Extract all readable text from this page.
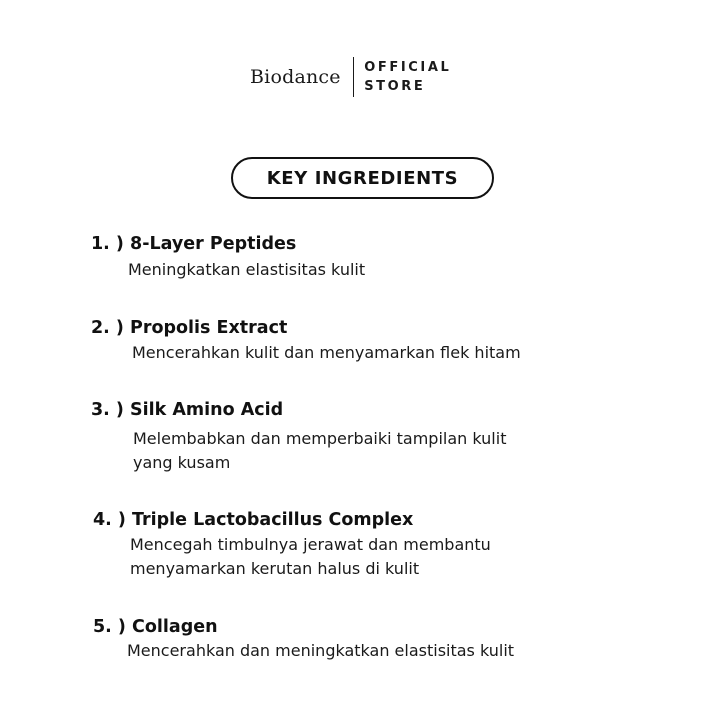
Biodance OFFICIAL
STORE
KEY INGREDIENTS
1. ) 8-Layer Peptides
Meningkatkan elastisitas kulit
2. ) Propolis Extract
Mencerahkan kulit dan menyamarkan flek hitam
3. ) Silk Amino Acid
Melembabkan dan memperbaiki tampilan kulit
yang kusam
4. ) Triple Lactobacillus Complex
Mencegah timbulnya jerawat dan membantu
menyamarkan kerutan halus di kulit
5. ) Collagen
Mencerahkan dan meningkatkan elastisitas kulit
